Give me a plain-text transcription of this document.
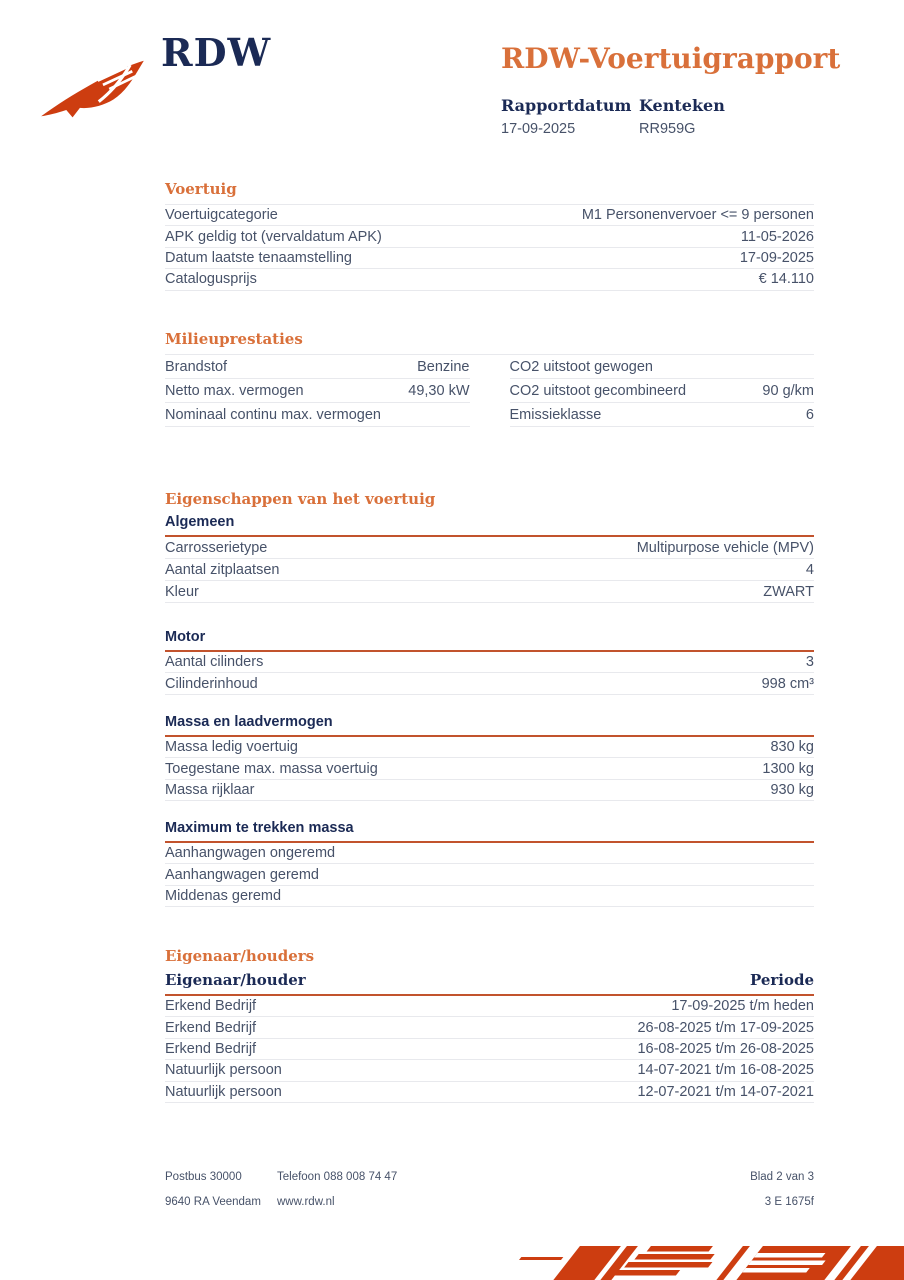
RDW	RDW-Voertuigrapport
Rapportdatum
17-09-2025
Kenteken
RR959G
Voertuig
Voertuigcategorie	M1 Personenvervoer <= 9 personen
APK geldig tot (vervaldatum APK)	11-05-2026
Datum laatste tenaamstelling	17-09-2025
Catalogusprijs	€ 14.110
Milieuprestaties
Brandstof	Benzine
Netto max. vermogen	49,30 kW
Nominaal continu max. vermogen
CO2 uitstoot gewogen
CO2 uitstoot gecombineerd	90 g/km
Emissieklasse	6
Eigenschappen van het voertuig
Algemeen
Carrosserietype	Multipurpose vehicle (MPV)
Aantal zitplaatsen	4
Kleur	ZWART
Motor
Aantal cilinders	3
Cilinderinhoud	998 cm³
Massa en laadvermogen
Massa ledig voertuig	830 kg
Toegestane max. massa voertuig	1300 kg
Massa rijklaar	930 kg
Maximum te trekken massa
Aanhangwagen ongeremd
Aanhangwagen geremd
Middenas geremd
Eigenaar/houders
Eigenaar/houder	Periode
Erkend Bedrijf	17-09-2025 t/m heden
Erkend Bedrijf	26-08-2025 t/m 17-09-2025
Erkend Bedrijf	16-08-2025 t/m 26-08-2025
Natuurlijk persoon	14-07-2021 t/m 16-08-2025
Natuurlijk persoon	12-07-2021 t/m 14-07-2021
Postbus 30000	Telefoon 088 008 74 47	Blad 2 van 3
9640 RA Veendam	www.rdw.nl	3 E 1675f
